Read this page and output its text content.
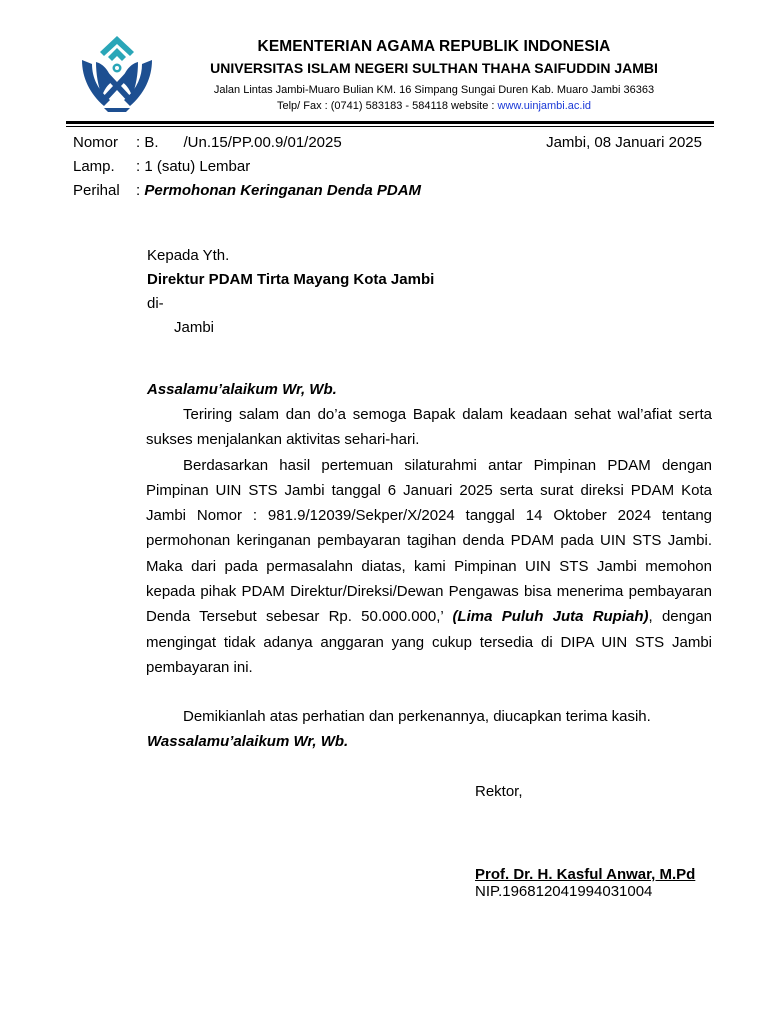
KEMENTERIAN AGAMA REPUBLIK INDONESIA
UNIVERSITAS ISLAM NEGERI SULTHAN THAHA SAIFUDDIN JAMBI
Jalan Lintas Jambi-Muaro Bulian KM. 16 Simpang Sungai Duren Kab. Muaro Jambi 36363
Telp/ Fax : (0741) 583183 - 584118 website : www.uinjambi.ac.id
Nomor : B.      /Un.15/PP.00.9/01/2025
Lamp. : 1 (satu) Lembar
Perihal : Permohonan Keringanan Denda PDAM
Jambi, 08 Januari 2025
Kepada Yth.
Direktur PDAM Tirta Mayang Kota Jambi
di-
Jambi
Assalamu’alaikum Wr, Wb.

Teriring salam dan do’a semoga Bapak dalam keadaan sehat wal’afiat serta sukses menjalankan aktivitas sehari-hari.

Berdasarkan hasil pertemuan silaturahmi antar Pimpinan PDAM dengan Pimpinan UIN STS Jambi tanggal 6 Januari 2025 serta surat direksi PDAM Kota Jambi Nomor : 981.9/12039/Sekper/X/2024 tanggal 14 Oktober 2024 tentang permohonan keringanan pembayaran tagihan denda PDAM pada UIN STS Jambi. Maka dari pada permasalahn diatas, kami Pimpinan UIN STS Jambi memohon kepada pihak PDAM Direktur/Direksi/Dewan Pengawas bisa menerima pembayaran Denda Tersebut sebesar Rp. 50.000.000,’ (Lima Puluh Juta Rupiah), dengan mengingat tidak adanya anggaran yang cukup tersedia di DIPA UIN STS Jambi pembayaran ini.

Demikianlah atas perhatian dan perkenannya, diucapkan terima kasih.
Wassalamu’alaikum Wr, Wb.
Rektor,
Prof. Dr. H. Kasful Anwar, M.Pd
NIP.196812041994031004
